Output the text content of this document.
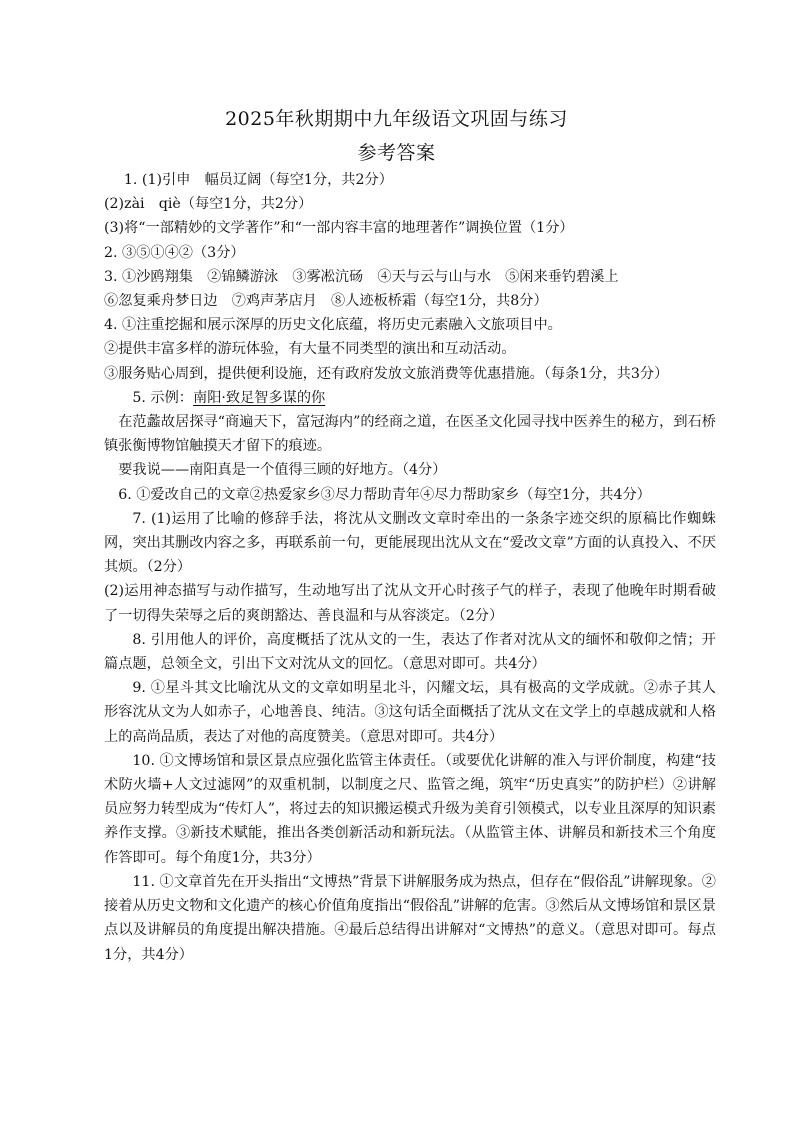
2025年秋期期中九年级语文巩固与练习
参考答案

1. (1)引申　幅员辽阔（每空1分，共2分）

(2)zài　qiè（每空1分，共2分）

(3)将“一部精妙的文学著作”和“一部内容丰富的地理著作”调换位置（1分）

2. ③⑤①④②（3分）

3. ①沙鸥翔集　②锦鳞游泳　③雾凇沆砀　④天与云与山与水　⑤闲来垂钓碧溪上

⑥忽复乘舟梦日边　⑦鸡声茅店月　⑧人迹板桥霜（每空1分，共8分）

4. ①注重挖掘和展示深厚的历史文化底蕴，将历史元素融入文旅项目中。

②提供丰富多样的游玩体验，有大量不同类型的演出和互动活动。

③服务贴心周到，提供便利设施，还有政府发放文旅消费等优惠措施。（每条1分，共3分）

5. 示例：南阳·致足智多谋的你

在范蠡故居探寻“商遍天下，富冠海内”的经商之道，在医圣文化园寻找中医养生的秘方，到石桥镇张衡博物馆触摸天才留下的痕迹。

要我说——南阳真是一个值得三顾的好地方。（4分）

6. ①爱改自己的文章②热爱家乡③尽力帮助青年④尽力帮助家乡（每空1分，共4分）

7. (1)运用了比喻的修辞手法，将沈从文删改文章时牵出的一条条字迹交织的原稿比作蜘蛛网，突出其删改内容之多，再联系前一句，更能展现出沈从文在“爱改文章”方面的认真投入、不厌其烦。（2分）

(2)运用神态描写与动作描写，生动地写出了沈从文开心时孩子气的样子，表现了他晚年时期看破了一切得失荣辱之后的爽朗豁达、善良温和与从容淡定。（2分）

8. 引用他人的评价，高度概括了沈从文的一生，表达了作者对沈从文的缅怀和敬仰之情；开篇点题，总领全文，引出下文对沈从文的回忆。（意思对即可。共4分）

9. ①星斗其文比喻沈从文的文章如明星北斗，闪耀文坛，具有极高的文学成就。②赤子其人形容沈从文为人如赤子，心地善良、纯洁。③这句话全面概括了沈从文在文学上的卓越成就和人格上的高尚品质，表达了对他的高度赞美。（意思对即可。共4分）

10. ①文博场馆和景区景点应强化监管主体责任。（或要优化讲解的准入与评价制度，构建“技术防火墙+人文过滤网”的双重机制，以制度之尺、监管之绳，筑牢“历史真实”的防护栏）②讲解员应努力转型成为“传灯人”，将过去的知识搬运模式升级为美育引领模式，以专业且深厚的知识素养作支撑。③新技术赋能，推出各类创新活动和新玩法。（从监管主体、讲解员和新技术三个角度作答即可。每个角度1分，共3分）

11. ①文章首先在开头指出“文博热”背景下讲解服务成为热点，但存在“假俗乱”讲解现象。②接着从历史文物和文化遗产的核心价值角度指出“假俗乱”讲解的危害。③然后从文博场馆和景区景点以及讲解员的角度提出解决措施。④最后总结得出讲解对“文博热”的意义。（意思对即可。每点1分，共4分）
